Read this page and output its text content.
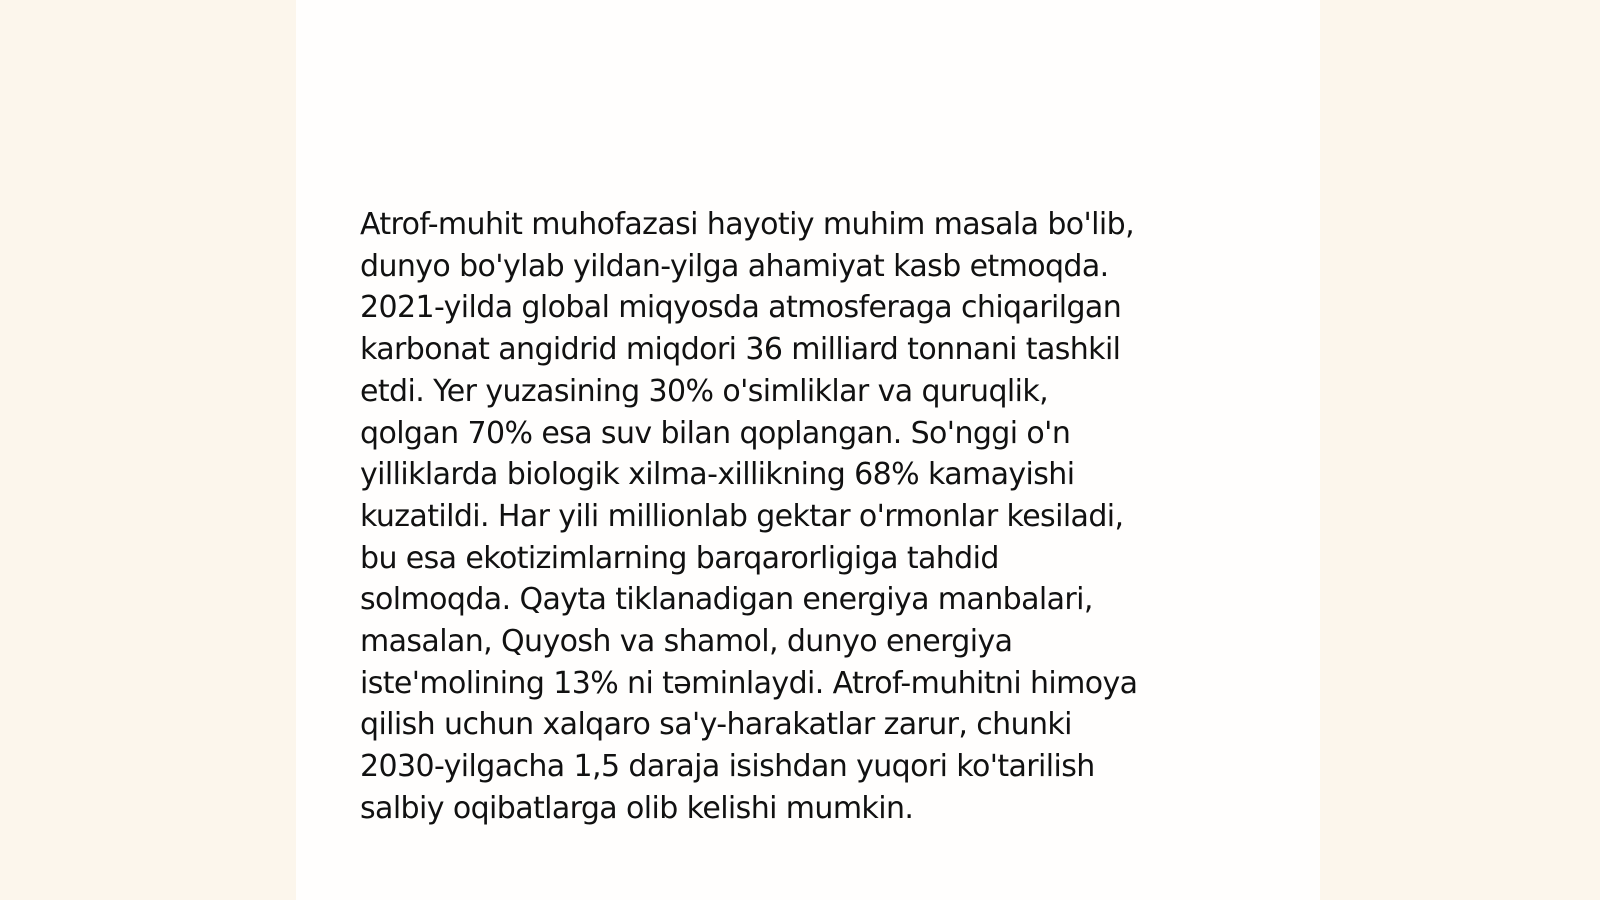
Atrof-muhit muhofazasi hayotiy muhim masala bo'lib,
dunyo bo'ylab yildan-yilga ahamiyat kasb etmoqda.
2021-yilda global miqyosda atmosferaga chiqarilgan
karbonat angidrid miqdori 36 milliard tonnani tashkil
etdi. Yer yuzasining 30% o'simliklar va quruqlik,
qolgan 70% esa suv bilan qoplangan. So'nggi o'n
yilliklarda biologik xilma-xillikning 68% kamayishi
kuzatildi. Har yili millionlab gektar o'rmonlar kesiladi,
bu esa ekotizimlarning barqarorligiga tahdid
solmoqda. Qayta tiklanadigan energiya manbalari,
masalan, Quyosh va shamol, dunyo energiya
iste'molining 13% ni təminlaydi. Atrof-muhitni himoya
qilish uchun xalqaro sa'y-harakatlar zarur, chunki
2030-yilgacha 1,5 daraja isishdan yuqori ko'tarilish
salbiy oqibatlarga olib kelishi mumkin.
